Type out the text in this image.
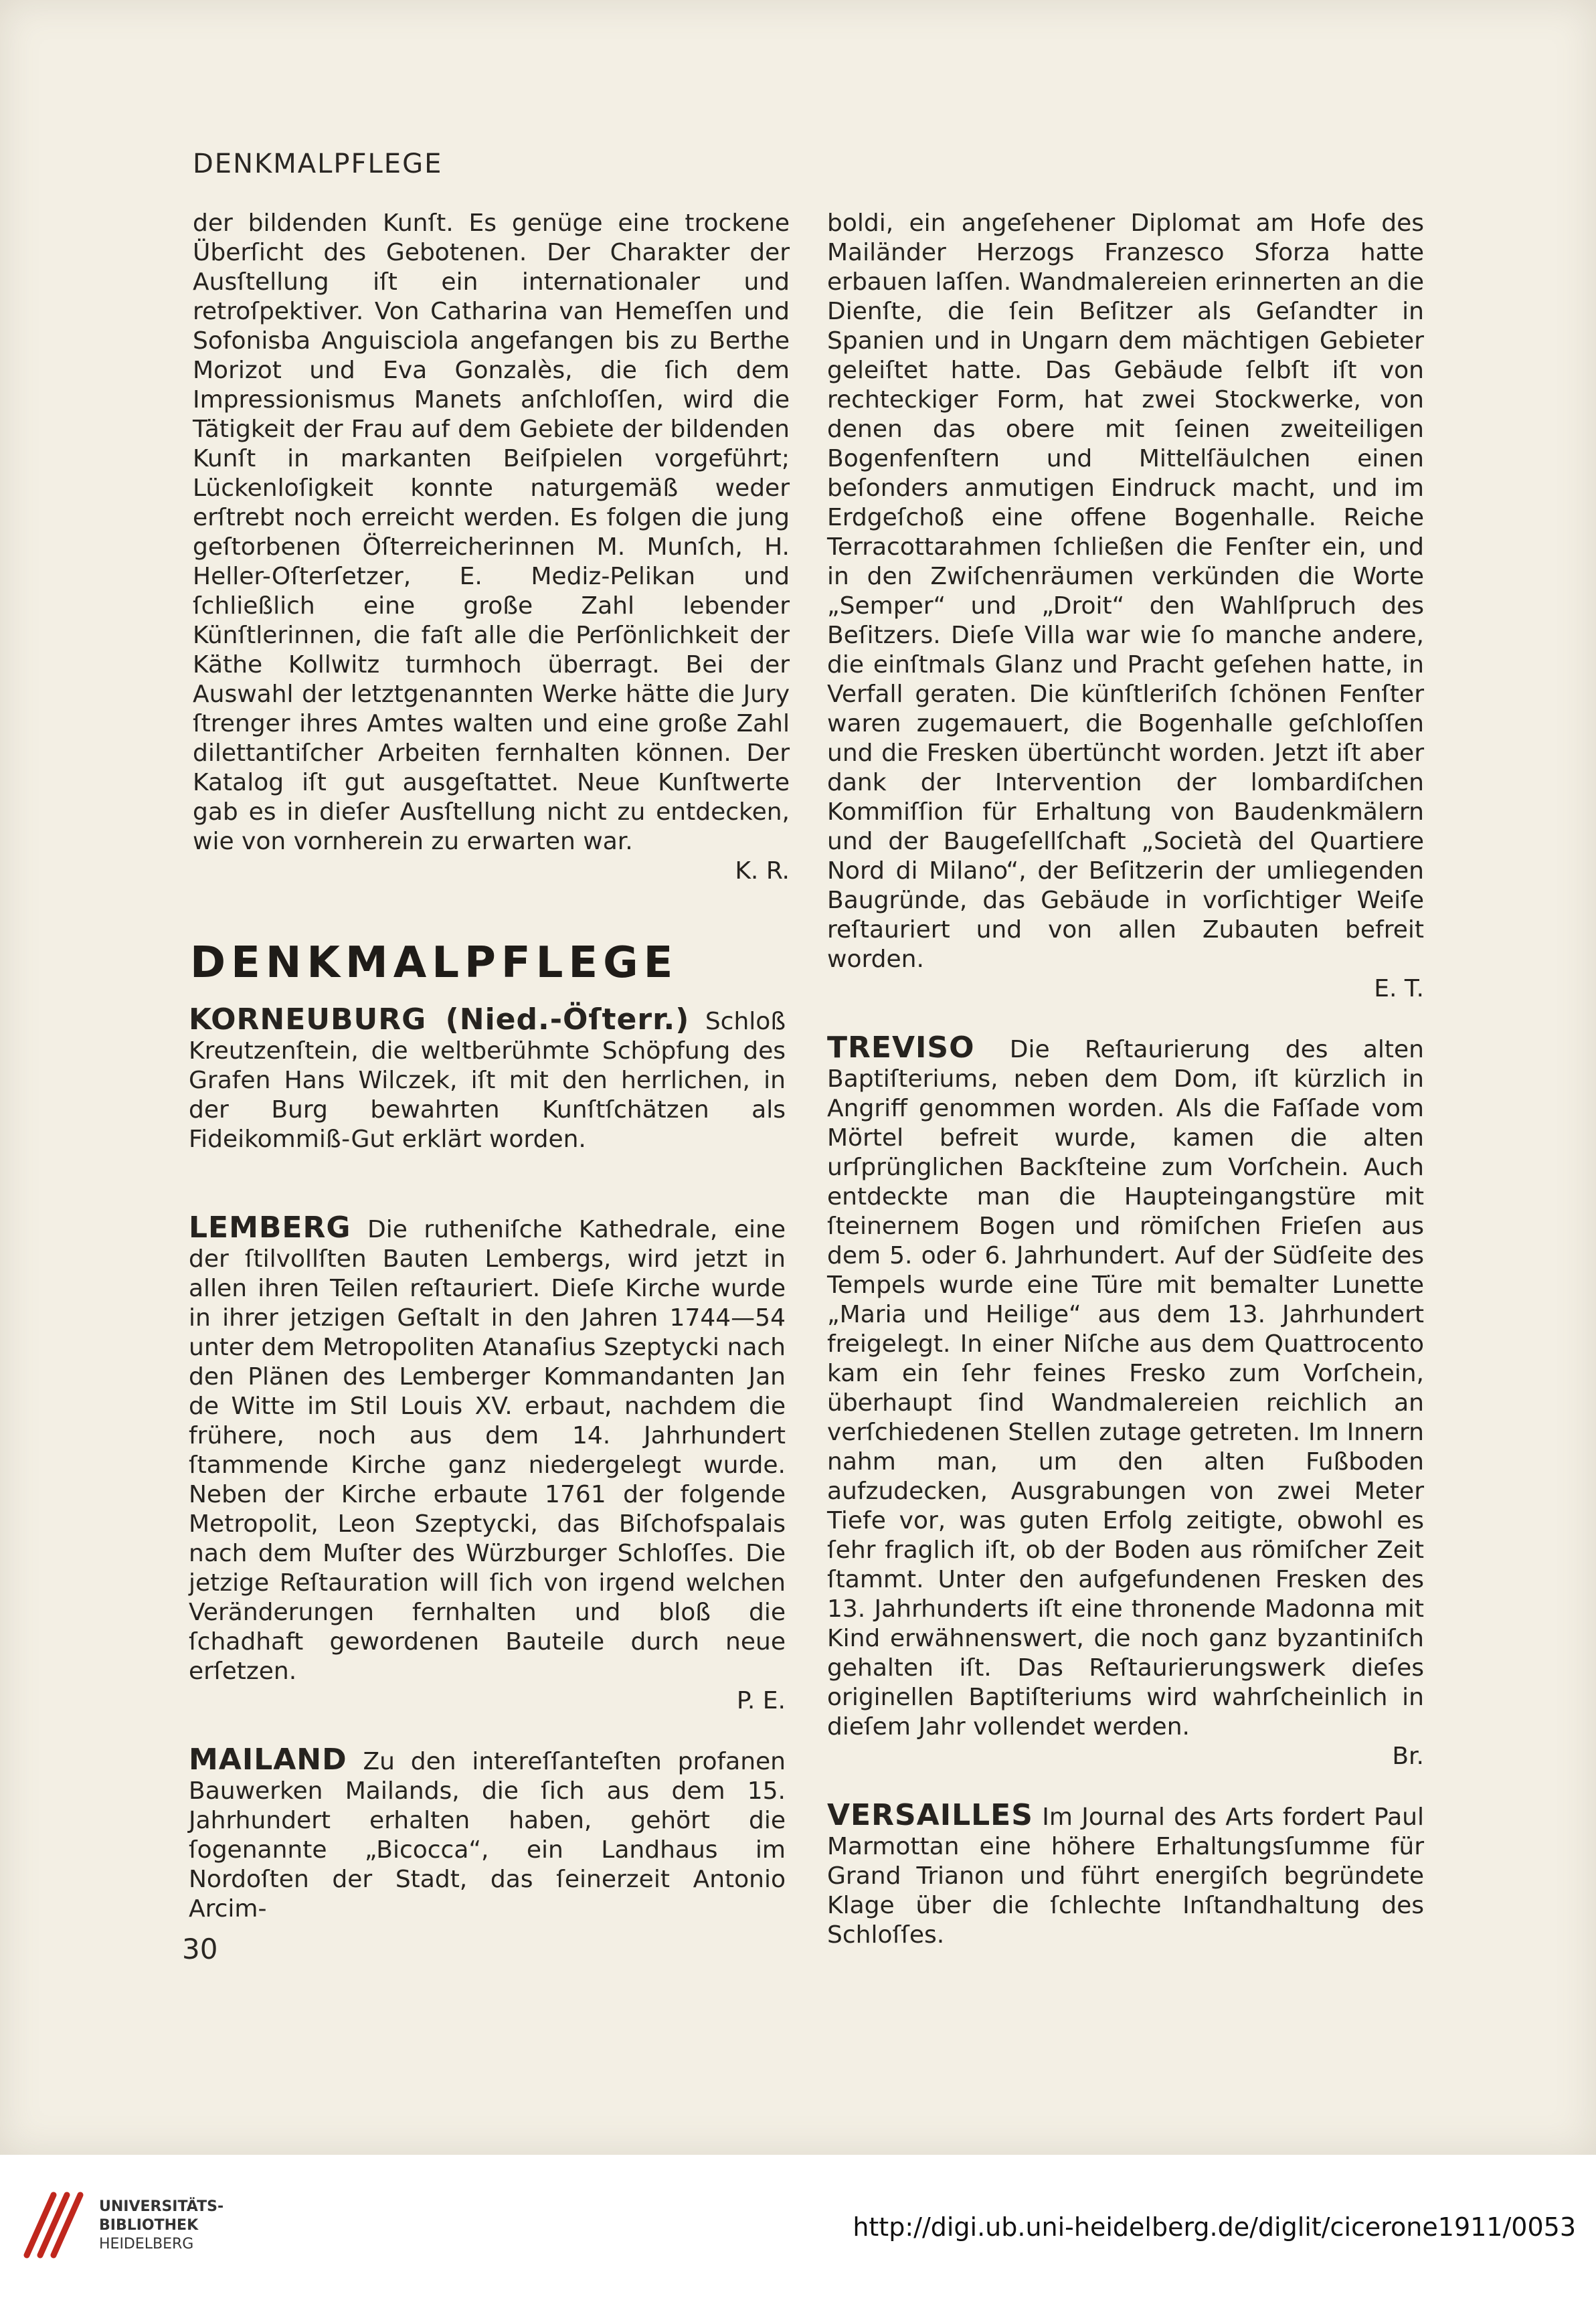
DENKMALPFLEGE

der bildenden Kunſt. Es genüge eine trockene Überſicht des Gebotenen. Der Charakter der Ausſtellung iſt ein internationaler und retroſpektiver. Von Catharina van Hemeſſen und Sofonisba Anguisciola angefangen bis zu Berthe Morizot und Eva Gonzalès, die ſich dem Impressionismus Manets anſchloſſen, wird die Tätigkeit der Frau auf dem Gebiete der bildenden Kunſt in markanten Beiſpielen vorgeführt; Lückenloſigkeit konnte naturgemäß weder erſtrebt noch erreicht werden. Es folgen die jung geſtorbenen Öſterreicherinnen M. Munſch, H. Heller-Oſterſetzer, E. Mediz-Pelikan und ſchließlich eine große Zahl lebender Künſtlerinnen, die faſt alle die Perſönlichkeit der Käthe Kollwitz turmhoch überragt. Bei der Auswahl der letztgenannten Werke hätte die Jury ſtrenger ihres Amtes walten und eine große Zahl dilettantiſcher Arbeiten fernhalten können. Der Katalog iſt gut ausgeſtattet. Neue Kunſtwerte gab es in dieſer Ausſtellung nicht zu entdecken, wie von vornherein zu erwarten war.

K. R.

DENKMALPFLEGE

KORNEUBURG (Nied.-Öſterr.) Schloß Kreutzenſtein, die weltberühmte Schöpfung des Grafen Hans Wilczek, iſt mit den herrlichen, in der Burg bewahrten Kunſtſchätzen als Fideikommiß-Gut erklärt worden.

LEMBERG Die rutheniſche Kathedrale, eine der ſtilvollſten Bauten Lembergs, wird jetzt in allen ihren Teilen reſtauriert. Dieſe Kirche wurde in ihrer jetzigen Geſtalt in den Jahren 1744—54 unter dem Metropoliten Atanaſius Szeptycki nach den Plänen des Lemberger Kommandanten Jan de Witte im Stil Louis XV. erbaut, nachdem die frühere, noch aus dem 14. Jahrhundert ſtammende Kirche ganz niedergelegt wurde. Neben der Kirche erbaute 1761 der folgende Metropolit, Leon Szeptycki, das Biſchofspalais nach dem Muſter des Würzburger Schloſſes. Die jetzige Reſtauration will ſich von irgend welchen Veränderungen fernhalten und bloß die ſchadhaft gewordenen Bauteile durch neue erſetzen.

P. E.

MAILAND Zu den intereſſanteſten profanen Bauwerken Mailands, die ſich aus dem 15. Jahrhundert erhalten haben, gehört die ſogenannte „Bicocca“, ein Landhaus im Nordoſten der Stadt, das ſeinerzeit Antonio Arcim-

boldi, ein angeſehener Diplomat am Hofe des Mailänder Herzogs Franzesco Sforza hatte erbauen laſſen. Wandmalereien erinnerten an die Dienſte, die ſein Beſitzer als Geſandter in Spanien und in Ungarn dem mächtigen Gebieter geleiſtet hatte. Das Gebäude ſelbſt iſt von rechteckiger Form, hat zwei Stockwerke, von denen das obere mit ſeinen zweiteiligen Bogenfenſtern und Mittelſäulchen einen beſonders anmutigen Eindruck macht, und im Erdgeſchoß eine offene Bogenhalle. Reiche Terracottarahmen ſchließen die Fenſter ein, und in den Zwiſchenräumen verkünden die Worte „Semper“ und „Droit“ den Wahlſpruch des Beſitzers. Dieſe Villa war wie ſo manche andere, die einſtmals Glanz und Pracht geſehen hatte, in Verfall geraten. Die künſtleriſch ſchönen Fenſter waren zugemauert, die Bogenhalle geſchloſſen und die Fresken übertüncht worden. Jetzt iſt aber dank der Intervention der lombardiſchen Kommiſſion für Erhaltung von Baudenkmälern und der Baugeſellſchaft „Società del Quartiere Nord di Milano“, der Beſitzerin der umliegenden Baugründe, das Gebäude in vorſichtiger Weiſe reſtauriert und von allen Zubauten befreit worden.

E. T.

TREVISO Die Reſtaurierung des alten Baptiſteriums, neben dem Dom, iſt kürzlich in Angriff genommen worden. Als die Faſſade vom Mörtel befreit wurde, kamen die alten urſprünglichen Backſteine zum Vorſchein. Auch entdeckte man die Haupteingangstüre mit ſteinernem Bogen und römiſchen Frieſen aus dem 5. oder 6. Jahrhundert. Auf der Südſeite des Tempels wurde eine Türe mit bemalter Lunette „Maria und Heilige“ aus dem 13. Jahrhundert freigelegt. In einer Niſche aus dem Quattrocento kam ein ſehr feines Fresko zum Vorſchein, überhaupt ſind Wandmalereien reichlich an verſchiedenen Stellen zutage getreten. Im Innern nahm man, um den alten Fußboden aufzudecken, Ausgrabungen von zwei Meter Tiefe vor, was guten Erfolg zeitigte, obwohl es ſehr fraglich iſt, ob der Boden aus römiſcher Zeit ſtammt. Unter den aufgefundenen Fresken des 13. Jahrhunderts iſt eine thronende Madonna mit Kind erwähnenswert, die noch ganz byzantiniſch gehalten iſt. Das Reſtaurierungswerk dieſes originellen Baptiſteriums wird wahrſcheinlich in dieſem Jahr vollendet werden.

Br.

VERSAILLES Im Journal des Arts fordert Paul Marmottan eine höhere Erhaltungsſumme für Grand Trianon und führt energiſch begründete Klage über die ſchlechte Inſtandhaltung des Schloſſes.

30
UNIVERSITÄTS-
BIBLIOTHEK
HEIDELBERG
http://digi.ub.uni-heidelberg.de/diglit/cicerone1911/0053
